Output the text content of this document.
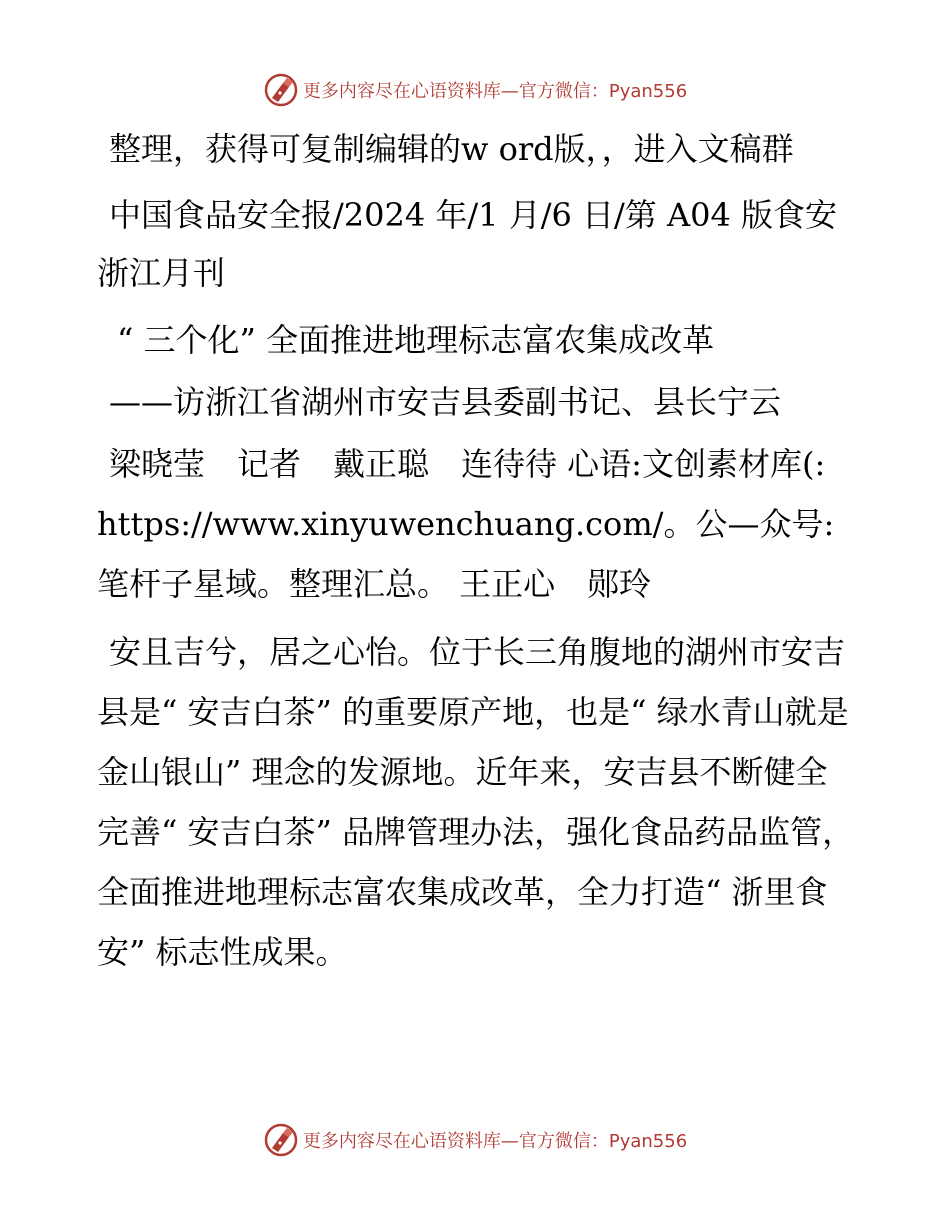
更多内容尽在心语资料库—官方微信：Pyan556

整理，获得可复制编辑的w ord版，，进入文稿群

中国食品安全报/2024 年/1 月/6 日/第 A04 版食安浙江月刊

“ 三个化” 全面推进地理标志富农集成改革

——访浙江省湖州市安吉县委副书记、县长宁云

梁晓莹　记者　戴正聪　连待待 心语:文创素材库(: https://www.xinyuwenchuang.com/。公—众号: 笔杆子星域。整理汇总。 王正心　郧玲

安且吉兮，居之心怡。位于长三角腹地的湖州市安吉县是“ 安吉白茶” 的重要原产地，也是“ 绿水青山就是金山银山” 理念的发源地。近年来，安吉县不断健全完善“ 安吉白茶” 品牌管理办法，强化食品药品监管，全面推进地理标志富农集成改革，全力打造“ 浙里食安” 标志性成果。

更多内容尽在心语资料库—官方微信：Pyan556
